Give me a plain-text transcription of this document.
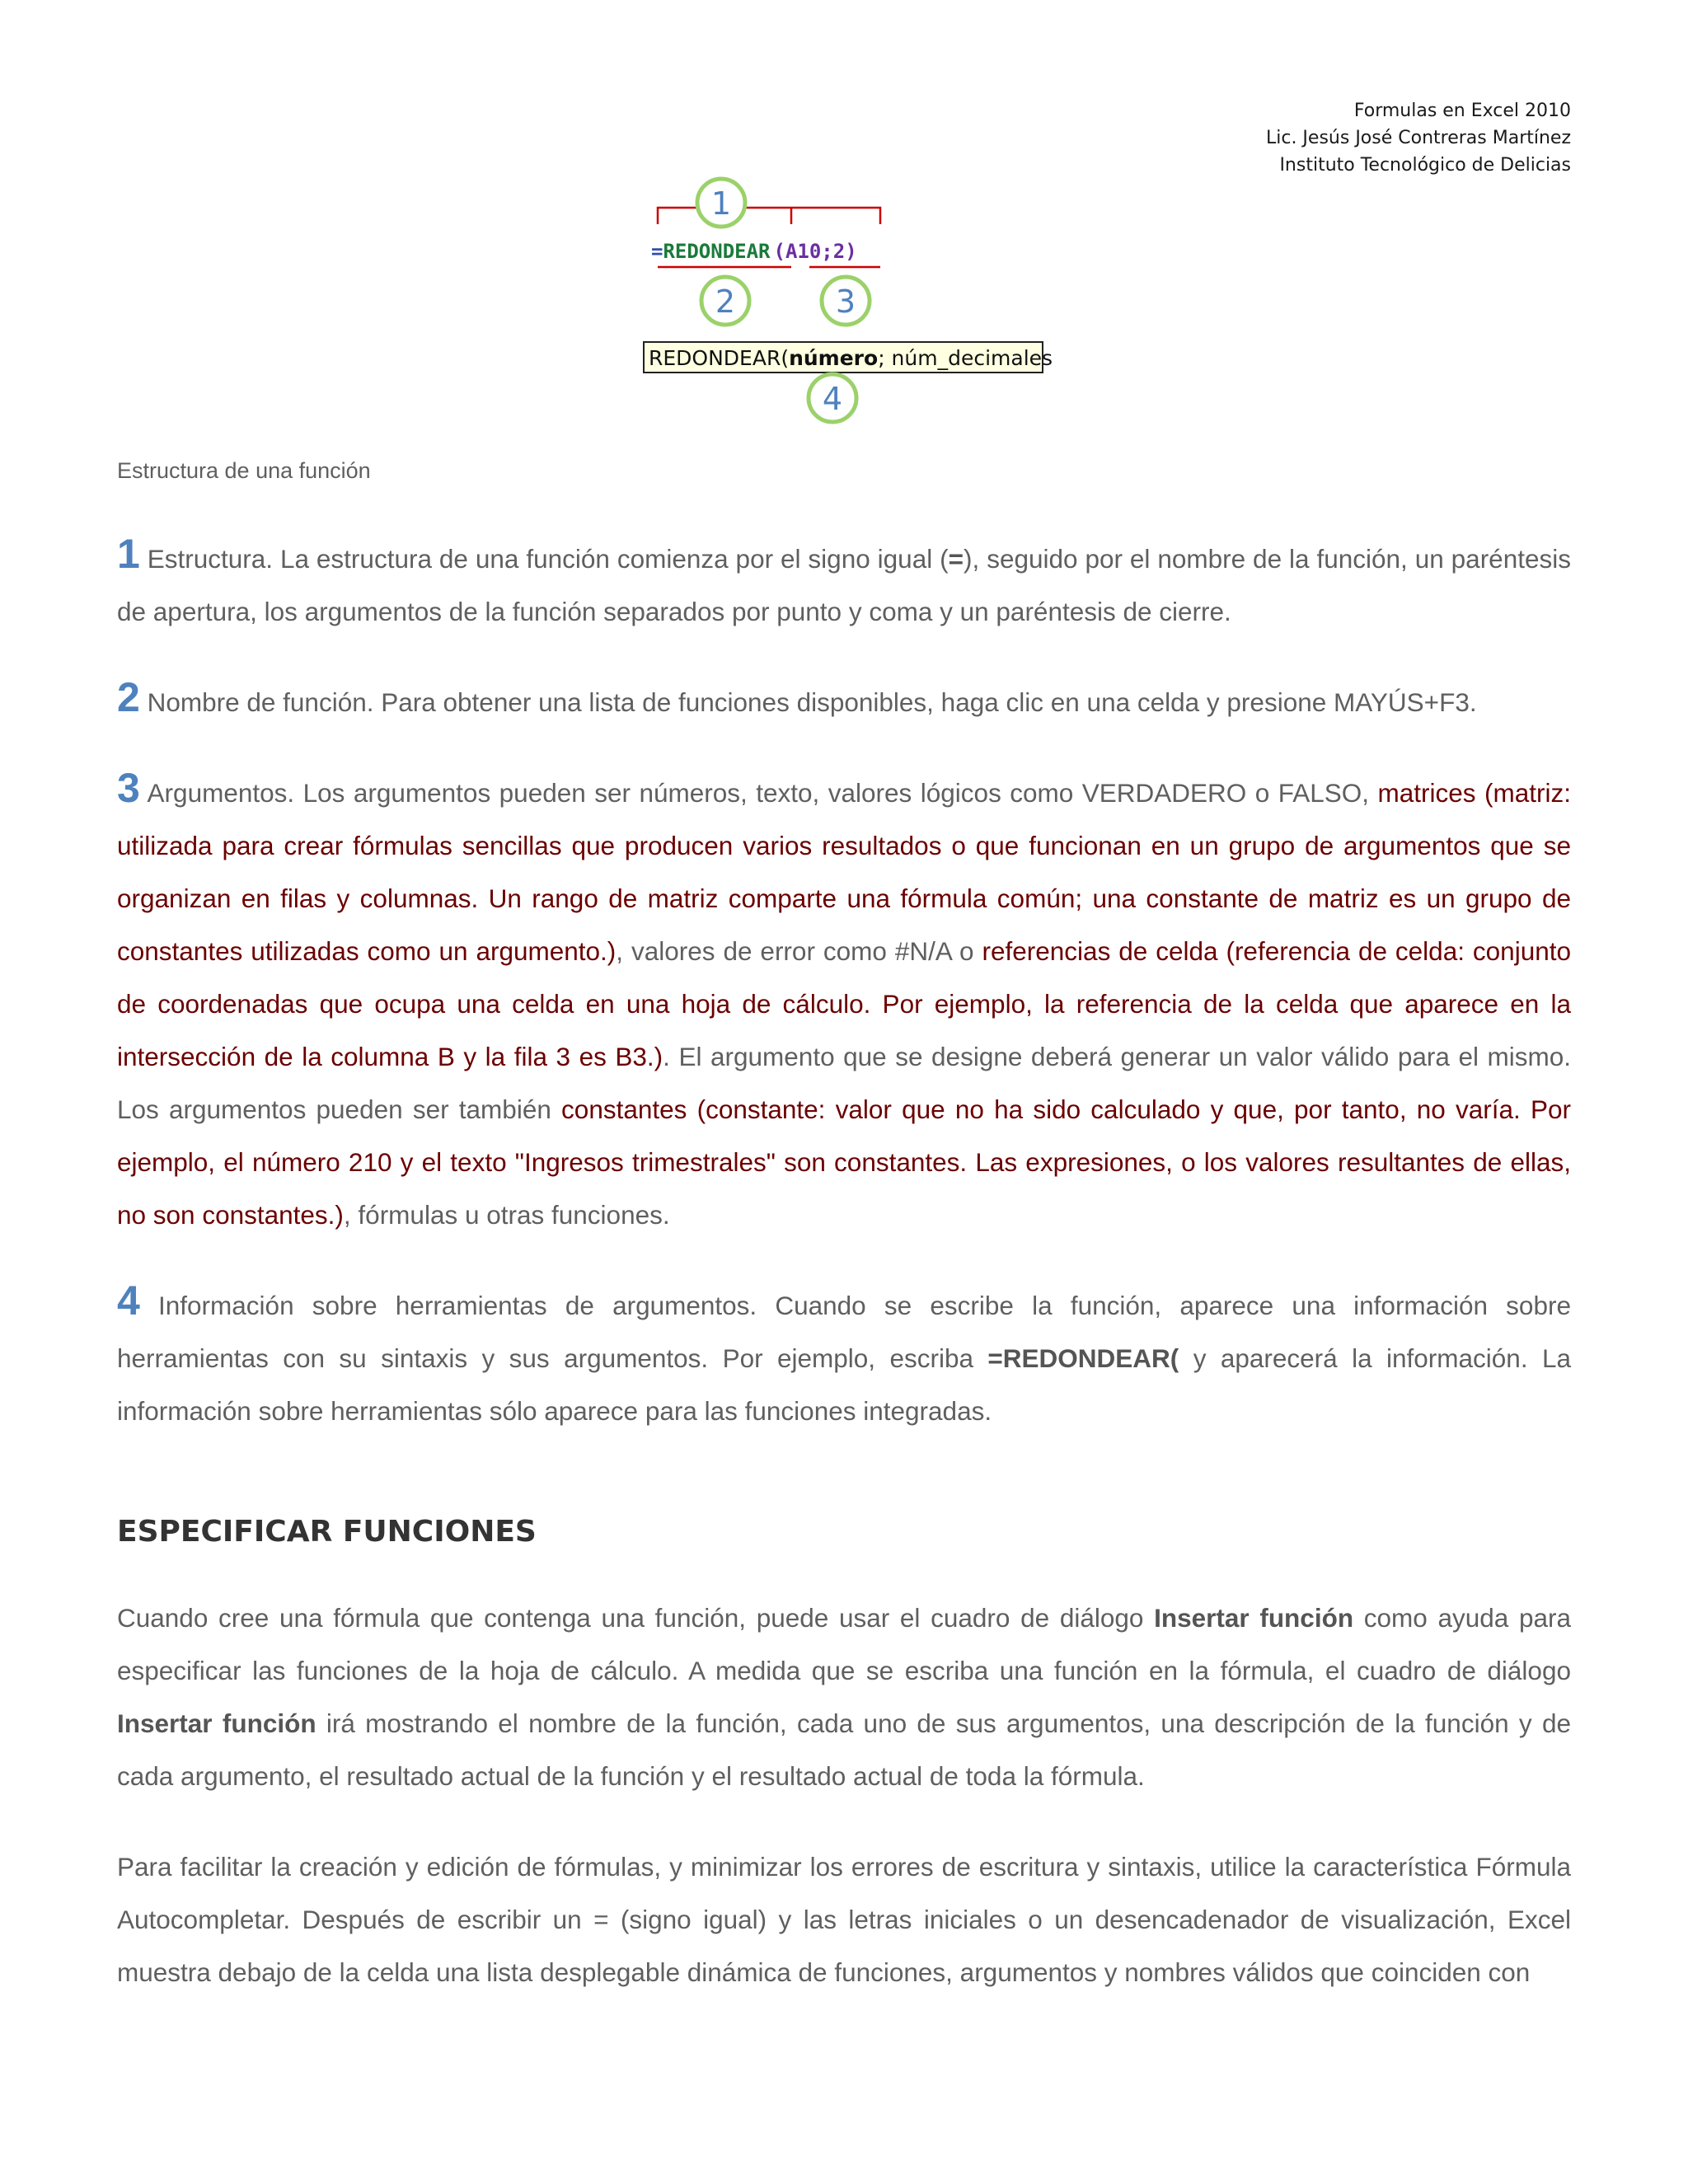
Formulas en Excel 2010
Lic. Jesús José Contreras Martínez
Instituto Tecnológico de Delicias
=REDONDEAR (A10;2)
1
2	3
REDONDEAR(número; núm_decimales)
4
Estructura de una función

1 Estructura. La estructura de una función comienza por el signo igual (=), seguido por el nombre de la función, un paréntesis de apertura, los argumentos de la función separados por punto y coma y un paréntesis de cierre.

2 Nombre de función. Para obtener una lista de funciones disponibles, haga clic en una celda y presione MAYÚS+F3.

3 Argumentos. Los argumentos pueden ser números, texto, valores lógicos como VERDADERO o FALSO, matrices (matriz: utilizada para crear fórmulas sencillas que producen varios resultados o que funcionan en un grupo de argumentos que se organizan en filas y columnas. Un rango de matriz comparte una fórmula común; una constante de matriz es un grupo de constantes utilizadas como un argumento.), valores de error como #N/A o referencias de celda (referencia de celda: conjunto de coordenadas que ocupa una celda en una hoja de cálculo. Por ejemplo, la referencia de la celda que aparece en la intersección de la columna B y la fila 3 es B3.). El argumento que se designe deberá generar un valor válido para el mismo. Los argumentos pueden ser también constantes (constante: valor que no ha sido calculado y que, por tanto, no varía. Por ejemplo, el número 210 y el texto "Ingresos trimestrales" son constantes. Las expresiones, o los valores resultantes de ellas, no son constantes.), fórmulas u otras funciones.

4 Información sobre herramientas de argumentos. Cuando se escribe la función, aparece una información sobre herramientas con su sintaxis y sus argumentos. Por ejemplo, escriba =REDONDEAR( y aparecerá la información. La información sobre herramientas sólo aparece para las funciones integradas.

ESPECIFICAR FUNCIONES

Cuando cree una fórmula que contenga una función, puede usar el cuadro de diálogo Insertar función como ayuda para especificar las funciones de la hoja de cálculo. A medida que se escriba una función en la fórmula, el cuadro de diálogo Insertar función irá mostrando el nombre de la función, cada uno de sus argumentos, una descripción de la función y de cada argumento, el resultado actual de la función y el resultado actual de toda la fórmula.

Para facilitar la creación y edición de fórmulas, y minimizar los errores de escritura y sintaxis, utilice la característica Fórmula Autocompletar. Después de escribir un = (signo igual) y las letras iniciales o un desencadenador de visualización, Excel muestra debajo de la celda una lista desplegable dinámica de funciones, argumentos y nombres válidos que coinciden con
